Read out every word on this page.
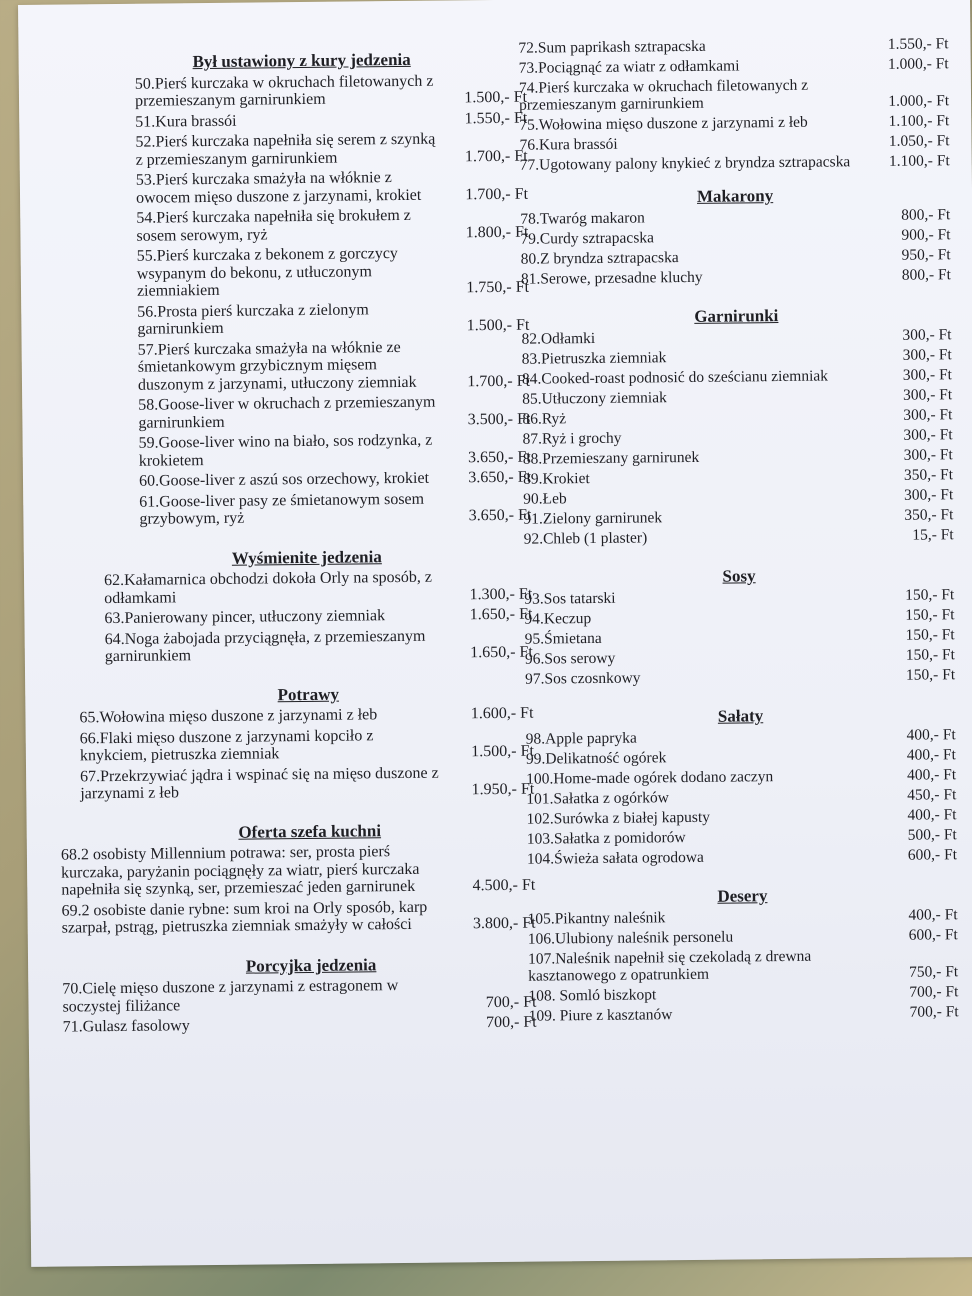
Był ustawiony z kury jedzenia
50.Pierś kurczaka w okruchach filetowanych z przemieszanym garnirunkiem	1.500,- Ft
51.Kura brassói	1.550,- Ft
52.Pierś kurczaka napełniła się serem z szynką z przemieszanym garnirunkiem	1.700,- Ft
53.Pierś kurczaka smażyła na włóknie z owocem mięso duszone z jarzynami, krokiet	1.700,- Ft
54.Pierś kurczaka napełniła się brokułem z sosem serowym, ryż	1.800,- Ft
55.Pierś kurczaka z bekonem z gorczycy wsypanym do bekonu, z utłuczonym ziemniakiem	1.750,- Ft
56.Prosta pierś kurczaka z zielonym garnirunkiem	1.500,- Ft
57.Pierś kurczaka smażyła na włóknie ze śmietankowym grzybicznym mięsem duszonym z jarzynami, utłuczony ziemniak	1.700,- Ft
58.Goose-liver w okruchach z przemieszanym garnirunkiem	3.500,- Ft
59.Goose-liver wino na biało, sos rodzynka, z krokietem	3.650,- Ft
60.Goose-liver z aszú sos orzechowy, krokiet	3.650,- Ft
61.Goose-liver pasy ze śmietanowym sosem grzybowym, ryż	3.650,- Ft
Wyśmienite jedzenia
62.Kałamarnica obchodzi dokoła Orly na sposób, z odłamkami	1.300,- Ft
63.Panierowany pincer, utłuczony ziemniak	1.650,- Ft
64.Noga żabojada przyciągnęła, z przemieszanym garnirunkiem	1.650,- Ft
Potrawy
65.Wołowina mięso duszone z jarzynami z łeb	1.600,- Ft
66.Flaki mięso duszone z jarzynami kopciło z knykciem, pietruszka ziemniak	1.500,- Ft
67.Przekrzywiać jądra i wspinać się na mięso duszone z jarzynami z łeb	1.950,- Ft
Oferta szefa kuchni
68.2 osobisty Millennium potrawa: ser, prosta pierś kurczaka, paryżanin pociągnęły za wiatr, pierś kurczaka napełniła się szynką, ser, przemieszać jeden garnirunek	4.500,- Ft
69.2 osobiste danie rybne: sum kroi na Orly sposób, karp szarpał, pstrąg, pietruszka ziemniak smażyły w całości	3.800,- Ft
Porcyjka jedzenia
70.Cielę mięso duszone z jarzynami z estragonem w soczystej filiżance	700,- Ft
71.Gulasz fasolowy	700,- Ft
72.Sum paprikash sztrapacska	1.550,- Ft
73.Pociągnąć za wiatr z odłamkami	1.000,- Ft
74.Pierś kurczaka w okruchach filetowanych z przemieszanym garnirunkiem	1.000,- Ft
75.Wołowina mięso duszone z jarzynami z łeb	1.100,- Ft
76.Kura brassói	1.050,- Ft
77.Ugotowany palony knykieć z bryndza sztrapacska	1.100,- Ft
Makarony
78.Twaróg makaron	800,- Ft
79.Curdy sztrapacska	900,- Ft
80.Z bryndza sztrapacska	950,- Ft
81.Serowe, przesadne kluchy	800,- Ft
Garnirunki
82.Odłamki	300,- Ft
83.Pietruszka ziemniak	300,- Ft
84.Cooked-roast podnosić do sześcianu ziemniak	300,- Ft
85.Utłuczony ziemniak	300,- Ft
86.Ryż	300,- Ft
87.Ryż i grochy	300,- Ft
88.Przemieszany garnirunek	300,- Ft
89.Krokiet	350,- Ft
90.Łeb	300,- Ft
91.Zielony garnirunek	350,- Ft
92.Chleb (1 plaster)	15,- Ft
Sosy
93.Sos tatarski	150,- Ft
94.Keczup	150,- Ft
95.Śmietana	150,- Ft
96.Sos serowy	150,- Ft
97.Sos czosnkowy	150,- Ft
Sałaty
98.Apple papryka	400,- Ft
99.Delikatność ogórek	400,- Ft
100.Home-made ogórek dodano zaczyn	400,- Ft
101.Sałatka z ogórków	450,- Ft
102.Surówka z białej kapusty	400,- Ft
103.Sałatka z pomidorów	500,- Ft
104.Świeża sałata ogrodowa	600,- Ft
Desery
105.Pikantny naleśnik	400,- Ft
106.Ulubiony naleśnik personelu	600,- Ft
107.Naleśnik napełnił się czekoladą z drewna kasztanowego z opatrunkiem	750,- Ft
108. Somló biszkopt	700,- Ft
109. Piure z kasztanów	700,- Ft
